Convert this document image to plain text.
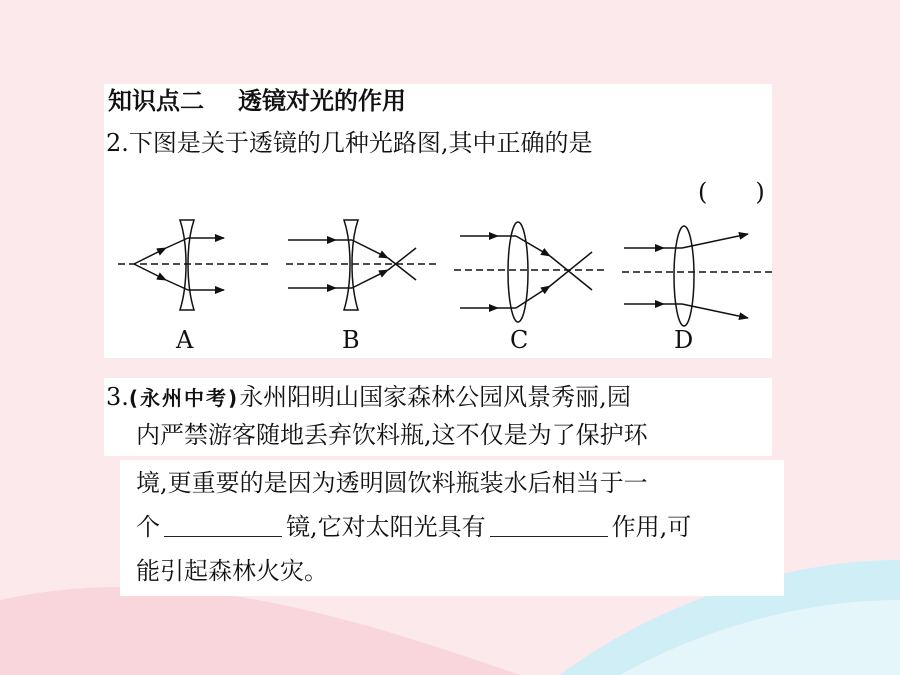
知识点二 透镜对光的作用
2.下图是关于透镜的几种光路图,其中正确的是
(　　)
A	B	C	D
3.(永州中考)永州阳明山国家森林公园风景秀丽,园
内严禁游客随地丢弃饮料瓶,这不仅是为了保护环
境,更重要的是因为透明圆饮料瓶装水后相当于一
个	镜,它对太阳光具有	作用,可
能引起森林火灾。
